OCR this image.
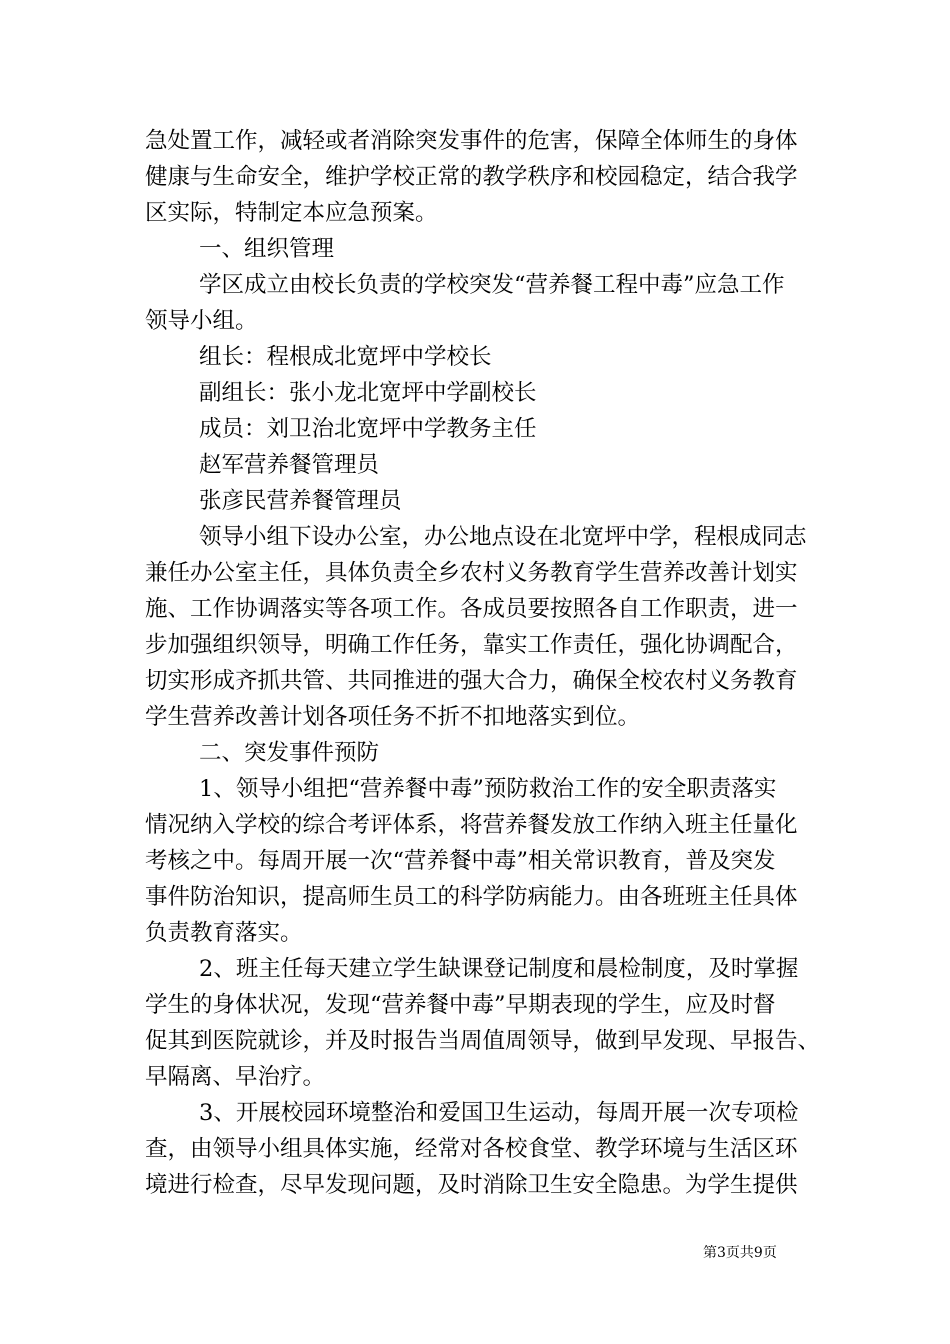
急处置工作，减轻或者消除突发事件的危害，保障全体师生的身体
健康与生命安全，维护学校正常的教学秩序和校园稳定，结合我学
区实际，特制定本应急预案。
一、组织管理
学区成立由校长负责的学校突发“营养餐工程中毒”应急工作
领导小组。
组长：程根成北宽坪中学校长
副组长：张小龙北宽坪中学副校长
成员：刘卫治北宽坪中学教务主任
赵军营养餐管理员
张彦民营养餐管理员
领导小组下设办公室，办公地点设在北宽坪中学，程根成同志
兼任办公室主任，具体负责全乡农村义务教育学生营养改善计划实
施、工作协调落实等各项工作。各成员要按照各自工作职责，进一
步加强组织领导，明确工作任务，靠实工作责任，强化协调配合，
切实形成齐抓共管、共同推进的强大合力，确保全校农村义务教育
学生营养改善计划各项任务不折不扣地落实到位。
二、突发事件预防
1、领导小组把“营养餐中毒”预防救治工作的安全职责落实
情况纳入学校的综合考评体系，将营养餐发放工作纳入班主任量化
考核之中。每周开展一次“营养餐中毒”相关常识教育，普及突发
事件防治知识，提高师生员工的科学防病能力。由各班班主任具体
负责教育落实。
2、班主任每天建立学生缺课登记制度和晨检制度，及时掌握
学生的身体状况，发现“营养餐中毒”早期表现的学生，应及时督
促其到医院就诊，并及时报告当周值周领导，做到早发现、早报告、
早隔离、早治疗。
3、开展校园环境整治和爱国卫生运动，每周开展一次专项检
查，由领导小组具体实施，经常对各校食堂、教学环境与生活区环
境进行检查，尽早发现问题，及时消除卫生安全隐患。为学生提供
第3页共9页
